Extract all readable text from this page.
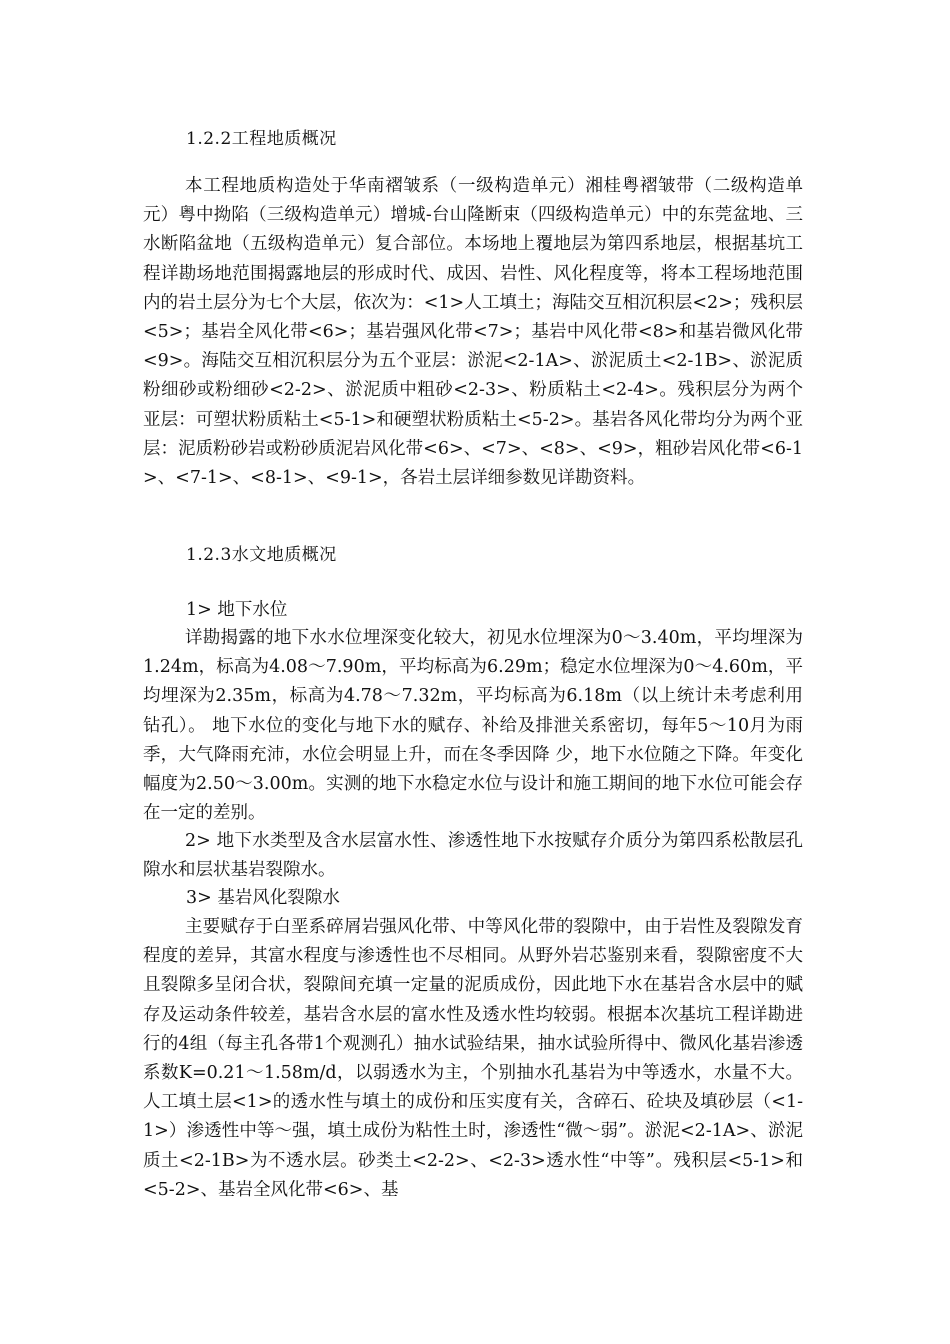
1.2.2工程地质概况
本工程地质构造处于华南褶皱系（一级构造单元）湘桂粤褶皱带（二级构造单元）粤中拗陷（三级构造单元）增城-台山隆断束（四级构造单元）中的东莞盆地、三水断陷盆地（五级构造单元）复合部位。本场地上覆地层为第四系地层，根据基坑工程详勘场地范围揭露地层的形成时代、成因、岩性、风化程度等，将本工程场地范围内的岩土层分为七个大层，依次为：<1>人工填土；海陆交互相沉积层<2>；残积层<5>；基岩全风化带<6>；基岩强风化带<7>；基岩中风化带<8>和基岩微风化带<9>。海陆交互相沉积层分为五个亚层：淤泥<2-1A>、淤泥质土<2-1B>、淤泥质粉细砂或粉细砂<2-2>、淤泥质中粗砂<2-3>、粉质粘土<2-4>。残积层分为两个亚层：可塑状粉质粘土<5-1>和硬塑状粉质粘土<5-2>。基岩各风化带均分为两个亚层：泥质粉砂岩或粉砂质泥岩风化带<6>、<7>、<8>、<9>，粗砂岩风化带<6-1>、<7-1>、<8-1>、<9-1>，各岩土层详细参数见详勘资料。
1.2.3水文地质概况
1> 地下水位
详勘揭露的地下水水位埋深变化较大，初见水位埋深为0～3.40m，平均埋深为1.24m，标高为4.08～7.90m，平均标高为6.29m；稳定水位埋深为0～4.60m，平均埋深为2.35m，标高为4.78～7.32m，平均标高为6.18m（以上统计未考虑利用钻孔）。 地下水位的变化与地下水的赋存、补给及排泄关系密切，每年5～10月为雨季，大气降雨充沛，水位会明显上升，而在冬季因降 少，地下水位随之下降。年变化幅度为2.50～3.00m。实测的地下水稳定水位与设计和施工期间的地下水位可能会存在一定的差别。
2> 地下水类型及含水层富水性、渗透性地下水按赋存介质分为第四系松散层孔隙水和层状基岩裂隙水。
3> 基岩风化裂隙水
主要赋存于白垩系碎屑岩强风化带、中等风化带的裂隙中，由于岩性及裂隙发育程度的差异，其富水程度与渗透性也不尽相同。从野外岩芯鉴别来看，裂隙密度不大且裂隙多呈闭合状，裂隙间充填一定量的泥质成份，因此地下水在基岩含水层中的赋存及运动条件较差，基岩含水层的富水性及透水性均较弱。根据本次基坑工程详勘进行的4组（每主孔各带1个观测孔）抽水试验结果，抽水试验所得中、微风化基岩渗透系数K=0.21～1.58m/d，以弱透水为主，个别抽水孔基岩为中等透水，水量不大。人工填土层<1>的透水性与填土的成份和压实度有关，含碎石、砼块及填砂层（<1-1>）渗透性中等～强，填土成份为粘性土时，渗透性“微～弱”。淤泥<2-1A>、淤泥质土<2-1B>为不透水层。砂类土<2-2>、<2-3>透水性“中等”。残积层<5-1>和<5-2>、基岩全风化带<6>、基
